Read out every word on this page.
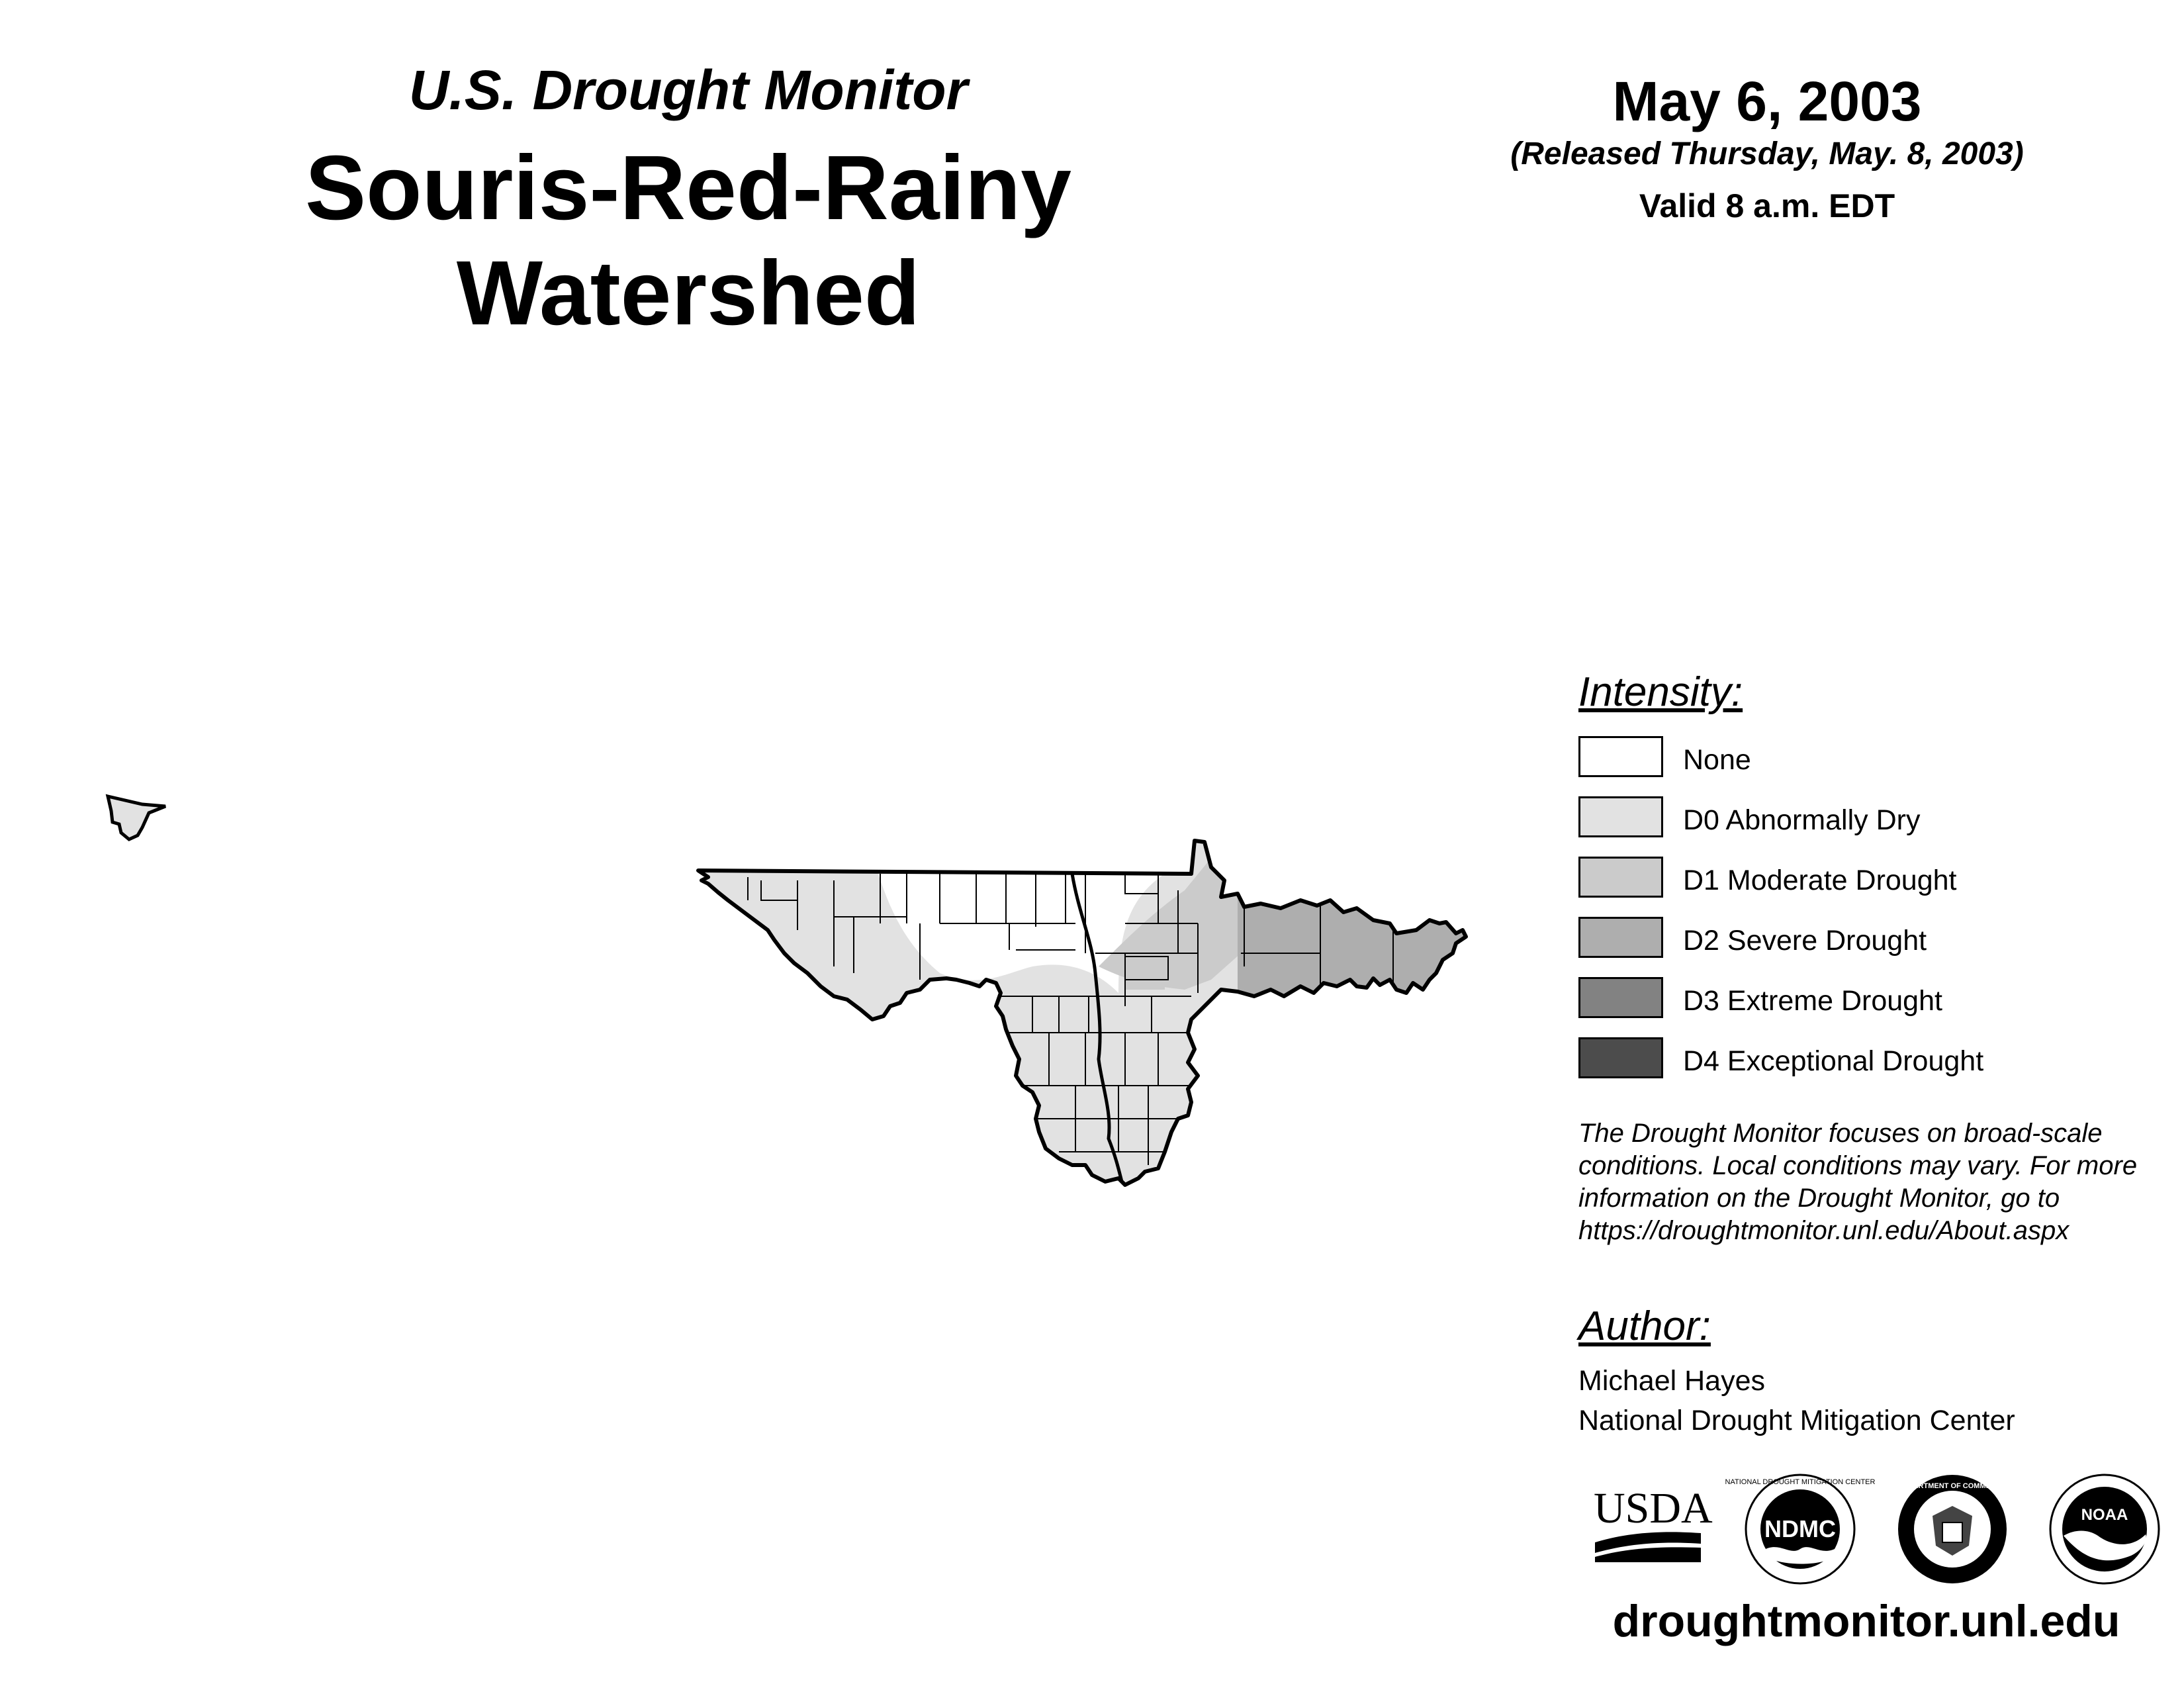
U.S. Drought Monitor
Souris-Red-Rainy Watershed
May 6, 2003
(Released Thursday, May. 8, 2003)
Valid 8 a.m. EDT
Intensity:
None
D0 Abnormally Dry
D1 Moderate Drought
D2 Severe Drought
D3 Extreme Drought
D4 Exceptional Drought
The Drought Monitor focuses on broad-scale conditions. Local conditions may vary. For more information on the Drought Monitor, go to https://droughtmonitor.unl.edu/About.aspx
Author:
Michael Hayes
National Drought Mitigation Center
USDA NDMC
NATIONAL DROUGHT MITIGATION CENTER	DEPARTMENT OF COMMERCE
NOAA
droughtmonitor.unl.edu
